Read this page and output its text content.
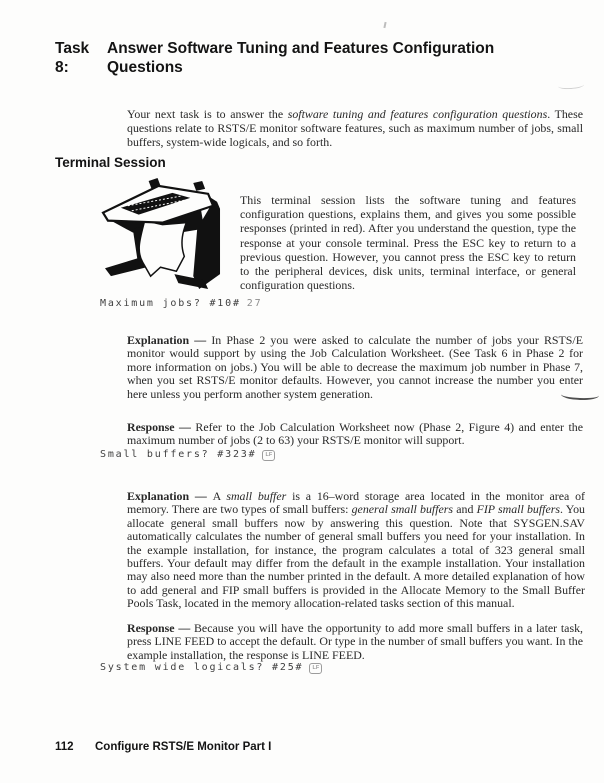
Task 8:
Answer Software Tuning and Features Configuration
Questions

Your next task is to answer the software tuning and features configuration questions. These questions relate to RSTS/E monitor software features, such as maximum number of jobs, small buffers, system-wide logicals, and so forth.

Terminal Session

This terminal session lists the software tuning and features configuration questions, explains them, and gives you some possible responses (printed in red). After you understand the question, type the response at your console terminal. Press the ESC key to return to a previous question. However, you cannot press the ESC key to return to the peripheral devices, disk units, terminal interface, or general configuration questions.

Maximum jobs? #10# 27

Explanation — In Phase 2 you were asked to calculate the number of jobs your RSTS/E monitor would support by using the Job Calculation Worksheet. (See Task 6 in Phase 2 for more information on jobs.) You will be able to decrease the maximum job number in Phase 7, when you set RSTS/E monitor defaults. However, you cannot increase the number you enter here unless you perform another system generation.

Response — Refer to the Job Calculation Worksheet now (Phase 2, Figure 4) and enter the maximum number of jobs (2 to 63) your RSTS/E monitor will support.

Small buffers? #323# LF

Explanation — A small buffer is a 16–word storage area located in the monitor area of memory. There are two types of small buffers: general small buffers and FIP small buffers. You allocate general small buffers now by answering this question. Note that SYSGEN.SAV automatically calculates the number of general small buffers you need for your installation. In the example installation, for instance, the program calculates a total of 323 general small buffers. Your default may differ from the default in the example installation. Your installation may also need more than the number printed in the default. A more detailed explanation of how to add general and FIP small buffers is provided in the Allocate Memory to the Small Buffer Pools Task, located in the memory allocation-related tasks section of this manual.

Response — Because you will have the opportunity to add more small buffers in a later task, press LINE FEED to accept the default. Or type in the number of small buffers you want. In the example installation, the response is LINE FEED.

System wide logicals? #25# LF
112	Configure RSTS/E Monitor Part I
